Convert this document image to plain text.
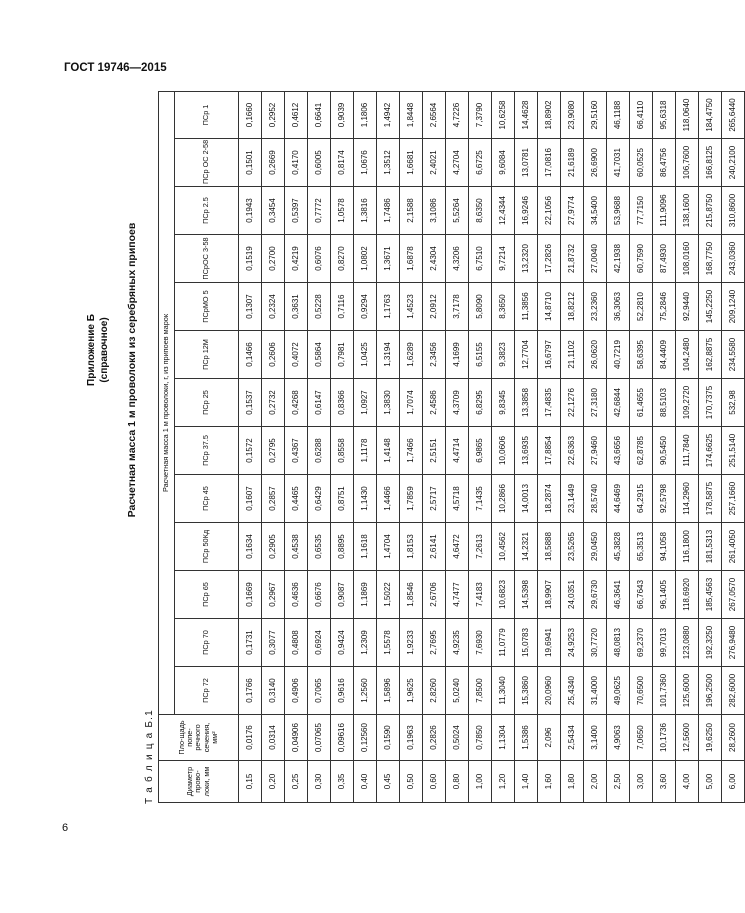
ГОСТ 19746—2015
6
Приложение Б (справочное) Расчетная масса 1 м проволоки из серебряных припоев
Т а б л и ц а Б.1	Диаметр прово-локи, мм	Пло-щадь попе-речного сечения, мм²	Расчетная масса 1 м проволоки, г, из припоев марок												
		ПСр 72	ПСр 70	ПСр 65	ПСр 50Кд	ПСр 45	ПСр 37.5	ПСр 25	ПСр 12М	ПСрМО 5	ПСрОС 3-58	ПСр 2.5	ПСр ОС 2-58	ПСр 1
0,15	0,0176	0,1766	0,1731	0,1669	0,1634	0,1607	0,1572	0,1537	0,1466	0,1307	0,1519	0,1943	0,1501	0,1660
0,20	0,0314	0,3140	0,3077	0,2967	0,2905	0,2857	0,2795	0,2732	0,2606	0,2324	0,2700	0,3454	0,2669	0,2952
0,25	0,04906	0,4906	0,4808	0,4636	0,4538	0,4465	0,4367	0,4268	0,4072	0,3631	0,4219	0,5397	0,4170	0,4612
0,30	0,07065	0,7065	0,6924	0,6676	0,6535	0,6429	0,6288	0,6147	0,5864	0,5228	0,6076	0,7772	0,6005	0,6641
0,35	0,09616	0,9616	0,9424	0,9087	0,8895	0,8751	0,8558	0,8366	0,7981	0,7116	0,8270	1,0578	0,8174	0,9039
0,40	0,12560	1,2560	1,2309	1,1869	1,1618	1,1430	1,1178	1,0927	1,0425	0,9294	1,0802	1,3816	1,0676	1,1806
0,45	0,1590	1,5896	1,5578	1,5022	1,4704	1,4466	1,4148	1,3830	1,3194	1,1763	1,3671	1,7486	1,3512	1,4942
0,50	0,1963	1,9625	1,9233	1,8546	1,8153	1,7859	1,7466	1,7074	1,6289	1,4523	1,6878	2,1588	1,6681	1,8448
0,60	0,2826	2,8260	2,7695	2,6706	2,6141	2,5717	2,5151	2,4586	2,3456	2,0912	2,4304	3,1086	2,4021	2,6564
0,80	0,5024	5,0240	4,9235	4,7477	4,6472	4,5718	4,4714	4,3709	4,1699	3,7178	4,3206	5,5264	4,2704	4,7226
1,00	0,7850	7,8500	7,6930	7,4183	7,2613	7,1435	6,9865	6,8295	6,5155	5,8090	6,7510	8,6350	6,6725	7,3790
1,20	1,1304	11,3040	11,0779	10,6823	10,4562	10,2866	10,0606	9,8345	9,3823	8,3650	9,7214	12,4344	9,6084	10,6258
1,40	1,5386	15,3860	15,0783	14,5398	14,2321	14,0013	13,6935	13,3858	12,7704	11,3856	13,2320	16,9246	13,0781	14,4628
1,60	2,096	20,0960	19,6941	18,9907	18,5888	18,2874	17,8854	17,4835	16,6797	14,8710	17,2826	22,1056	17,0816	18,8902
1,80	2,5434	25,4340	24,9253	24,0351	23,5265	23,1449	22,6363	22,1276	21,1102	18,8212	21,8732	27,9774	21,6189	23,9080
2,00	3,1400	31,4000	30,7720	29,6730	29,0450	28,5740	27,9460	27,3180	26,0620	23,2360	27,0040	34,5400	26,6900	29,5160
2,50	4,9063	49,0625	48,0813	46,3641	45,3828	44,6469	43,6656	42,6844	40,7219	36,3063	42,1938	53,9688	41,7031	46,1188
3,00	7,0650	70,6500	69,2370	66,7643	65,3513	64,2915	62,8785	61,4655	58,6395	52,2810	60,7590	77,7150	60,0525	66,4110
3,60	10,1736	101,7360	99,7013	96,1405	94,1058	92,5798	90,5450	88,5103	84,4409	75,2846	87,4930	111,9096	86,4756	95,6318
4,00	12,5600	125,6000	123,0880	118,6920	116,1800	114,2960	111,7840	109,2720	104,2480	92,9440	108,0160	138,1600	106,7600	118,0640
5,00	19,6250	196,2500	192,3250	185,4563	181,5313	178,5875	174,6625	170,7375	162,8875	145,2250	168,7750	215,8750	166,8125	184,4750
6,00	28,2600	282,6000	276,9480	267,0570	261,4050	257,1660	251,5140	532,98	234,5580	209,1240	243,0360	310,8600	240,2100	265,6440
